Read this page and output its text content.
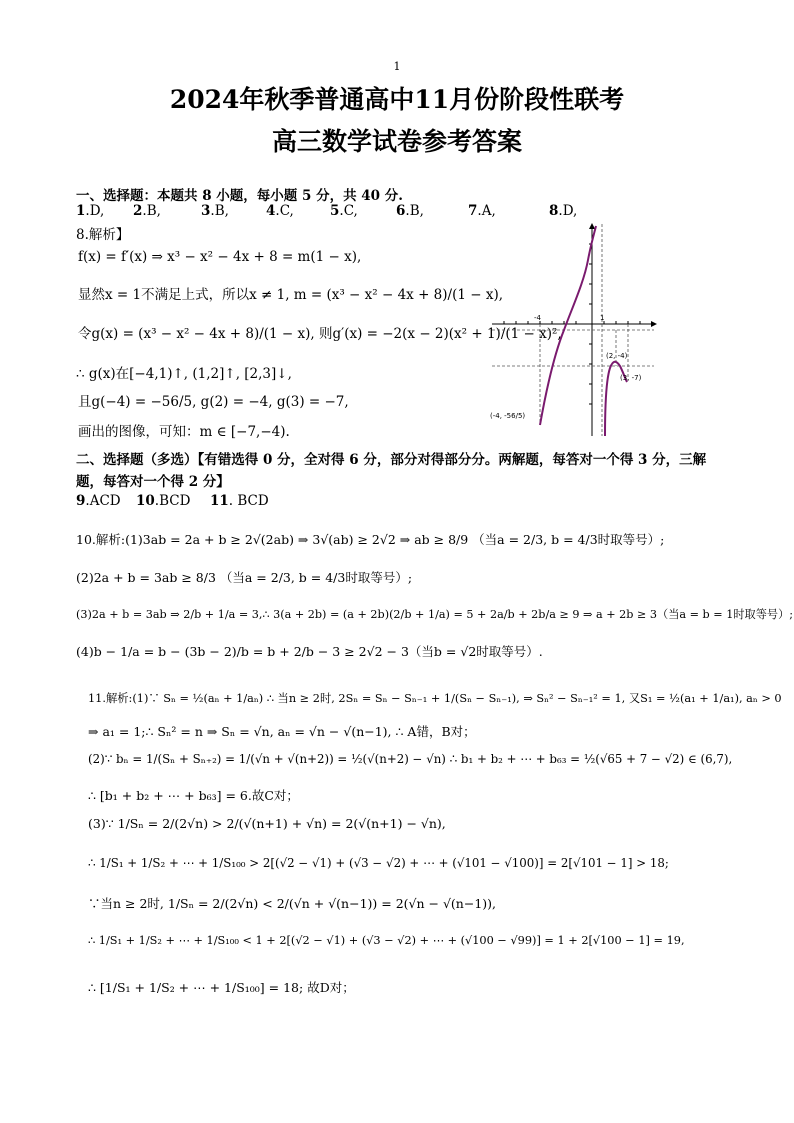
1
2024年秋季普通高中11月份阶段性联考
高三数学试卷参考答案
一、选择题：本题共 8 小题，每小题 5 分，共 40 分.
1.D, 2.B,	3.B,	4.C,	5.C,	6.B,	7.A,	8.D,
8.解析】
f(x) = f′(x) ⇒ x³ − x² − 4x + 8 = m(1 − x),
显然x = 1不满足上式，所以x ≠ 1, m = (x³ − x² − 4x + 8)/(1 − x),
令g(x) = (x³ − x² − 4x + 8)/(1 − x), 则g′(x) = −2(x − 2)(x² + 1)/(1 − x)²,
∴ g(x)在[−4,1)↑, (1,2]↑, [2,3]↓,
且g(−4) = −56/5, g(2) = −4, g(3) = −7,
画出的图像，可知：m ∈ [−7,−4).
-4	1
(2, -4)
(3, -7)
(-4, -56/5)
二、选择题（多选）【有错选得 0 分，全对得 6 分，部分对得部分分。两解题，每答对一个得 3 分，三解
题，每答对一个得 2 分】
9.ACD 10.BCD 11. BCD
10.解析:(1)3ab = 2a + b ≥ 2√(2ab) ⇒ 3√(ab) ≥ 2√2 ⇒ ab ≥ 8/9 （当a = 2/3, b = 4/3时取等号）;
(2)2a + b = 3ab ≥ 8/3 （当a = 2/3, b = 4/3时取等号）;
(3)2a + b = 3ab ⇒ 2/b + 1/a = 3,∴ 3(a + 2b) = (a + 2b)(2/b + 1/a) = 5 + 2a/b + 2b/a ≥ 9 ⇒ a + 2b ≥ 3（当a = b = 1时取等号）;
(4)b − 1/a = b − (3b − 2)/b = b + 2/b − 3 ≥ 2√2 − 3（当b = √2时取等号）.
11.解析:(1)∵ Sₙ = ½(aₙ + 1/aₙ) ∴ 当n ≥ 2时, 2Sₙ = Sₙ − Sₙ₋₁ + 1/(Sₙ − Sₙ₋₁), ⇒ Sₙ² − Sₙ₋₁² = 1, 又S₁ = ½(a₁ + 1/a₁), aₙ > 0
⇒ a₁ = 1;∴ Sₙ² = n ⇒ Sₙ = √n, aₙ = √n − √(n−1), ∴ A错，B对；
(2)∵ bₙ = 1/(Sₙ + Sₙ₊₂) = 1/(√n + √(n+2)) = ½(√(n+2) − √n) ∴ b₁ + b₂ + ⋯ + b₆₃ = ½(√65 + 7 − √2) ∈ (6,7),
∴ [b₁ + b₂ + ⋯ + b₆₃] = 6.故C对；
(3)∵ 1/Sₙ = 2/(2√n) > 2/(√(n+1) + √n) = 2(√(n+1) − √n),
∴ 1/S₁ + 1/S₂ + ⋯ + 1/S₁₀₀ > 2[(√2 − √1) + (√3 − √2) + ⋯ + (√101 − √100)] = 2[√101 − 1] > 18;
∵当n ≥ 2时, 1/Sₙ = 2/(2√n) < 2/(√n + √(n−1)) = 2(√n − √(n−1)),
∴ 1/S₁ + 1/S₂ + ⋯ + 1/S₁₀₀ < 1 + 2[(√2 − √1) + (√3 − √2) + ⋯ + (√100 − √99)] = 1 + 2[√100 − 1] = 19,
∴ [1/S₁ + 1/S₂ + ⋯ + 1/S₁₀₀] = 18; 故D对；
